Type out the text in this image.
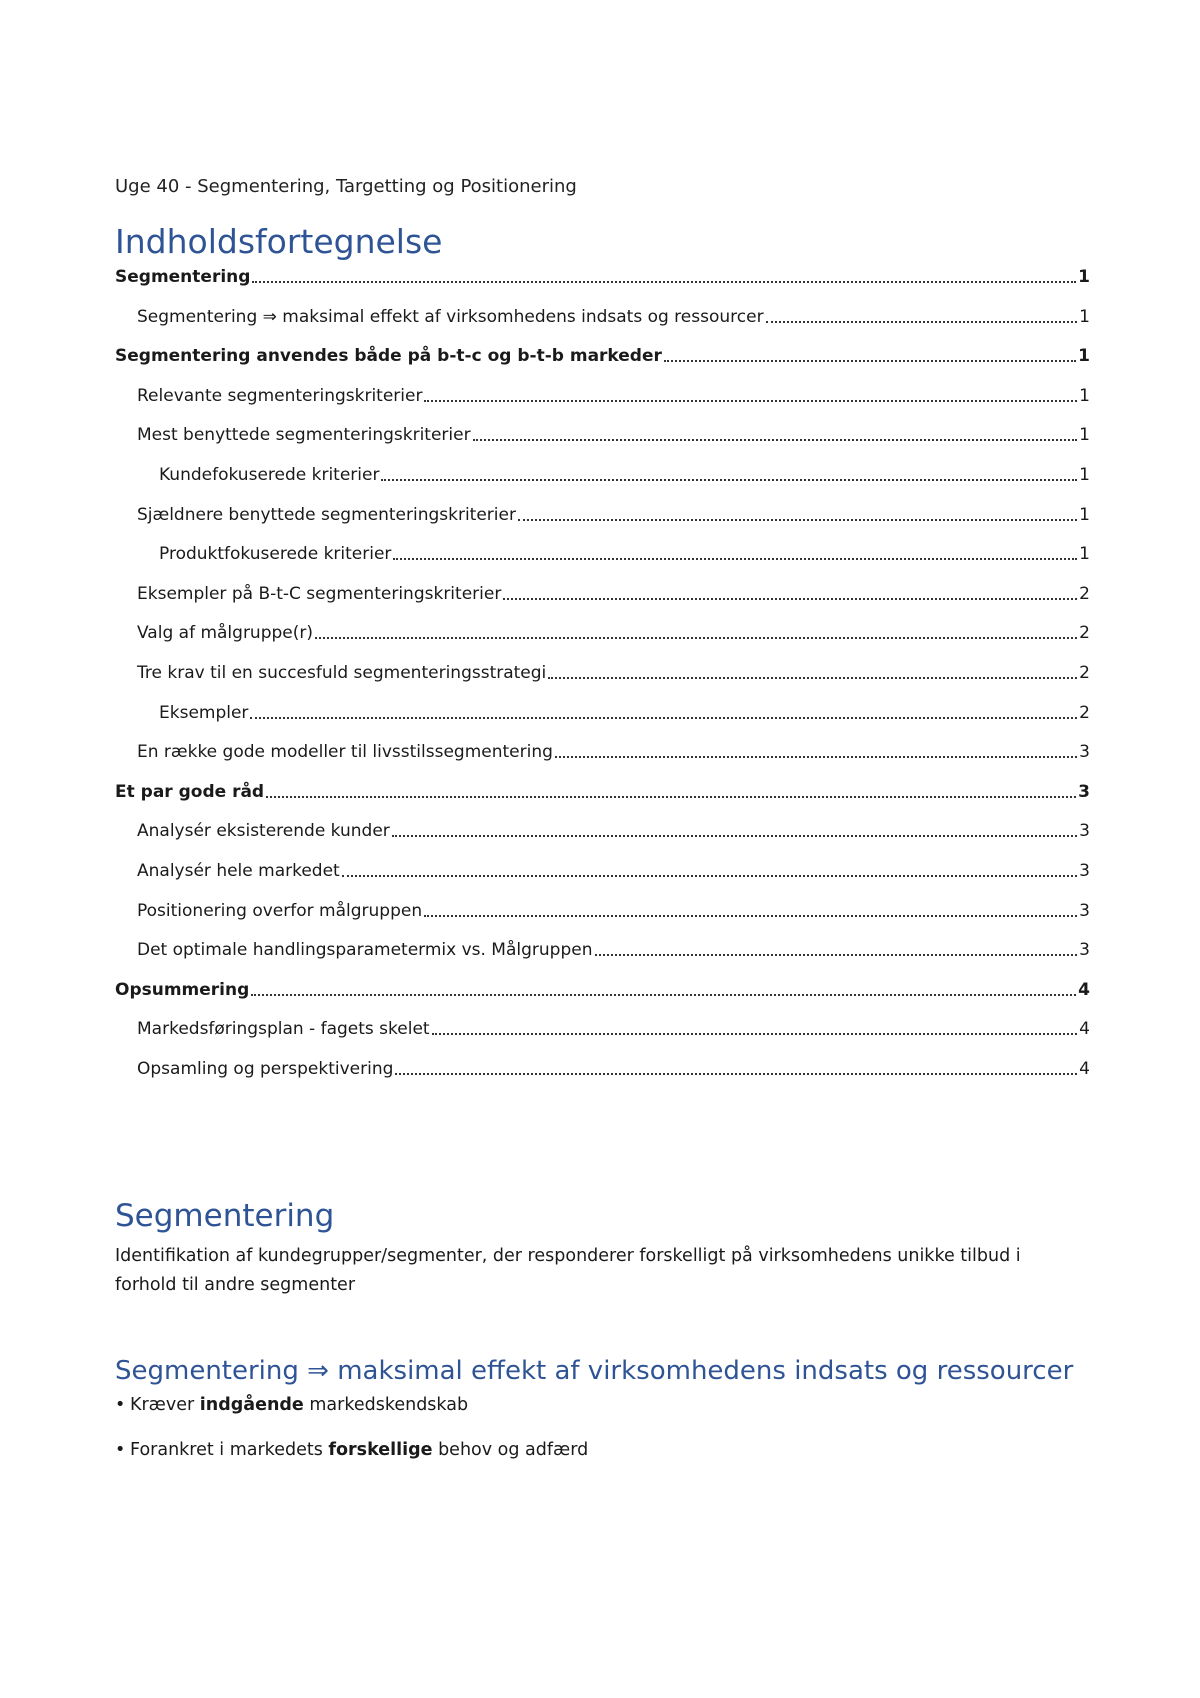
Uge 40 - Segmentering, Targetting og Positionering
Indholdsfortegnelse
Segmentering	1
Segmentering ⇒ maksimal effekt af virksomhedens indsats og ressourcer	1
Segmentering anvendes både på b-t-c og b-t-b markeder	1
Relevante segmenteringskriterier	1
Mest benyttede segmenteringskriterier	1
Kundefokuserede kriterier	1
Sjældnere benyttede segmenteringskriterier	1
Produktfokuserede kriterier	1
Eksempler på B-t-C segmenteringskriterier	2
Valg af målgruppe(r)	2
Tre krav til en succesfuld segmenteringsstrategi	2
Eksempler	2
En række gode modeller til livsstilssegmentering	3
Et par gode råd	3
Analysér eksisterende kunder	3
Analysér hele markedet	3
Positionering overfor målgruppen	3
Det optimale handlingsparametermix vs. Målgruppen	3
Opsummering	4
Markedsføringsplan - fagets skelet	4
Opsamling og perspektivering	4
Segmentering

Identifikation af kundegrupper/segmenter, der responderer forskelligt på virksomhedens unikke tilbud i forhold til andre segmenter

Segmentering ⇒ maksimal effekt af virksomhedens indsats og ressourcer
• Kræver indgående markedskendskab
• Forankret i markedets forskellige behov og adfærd
